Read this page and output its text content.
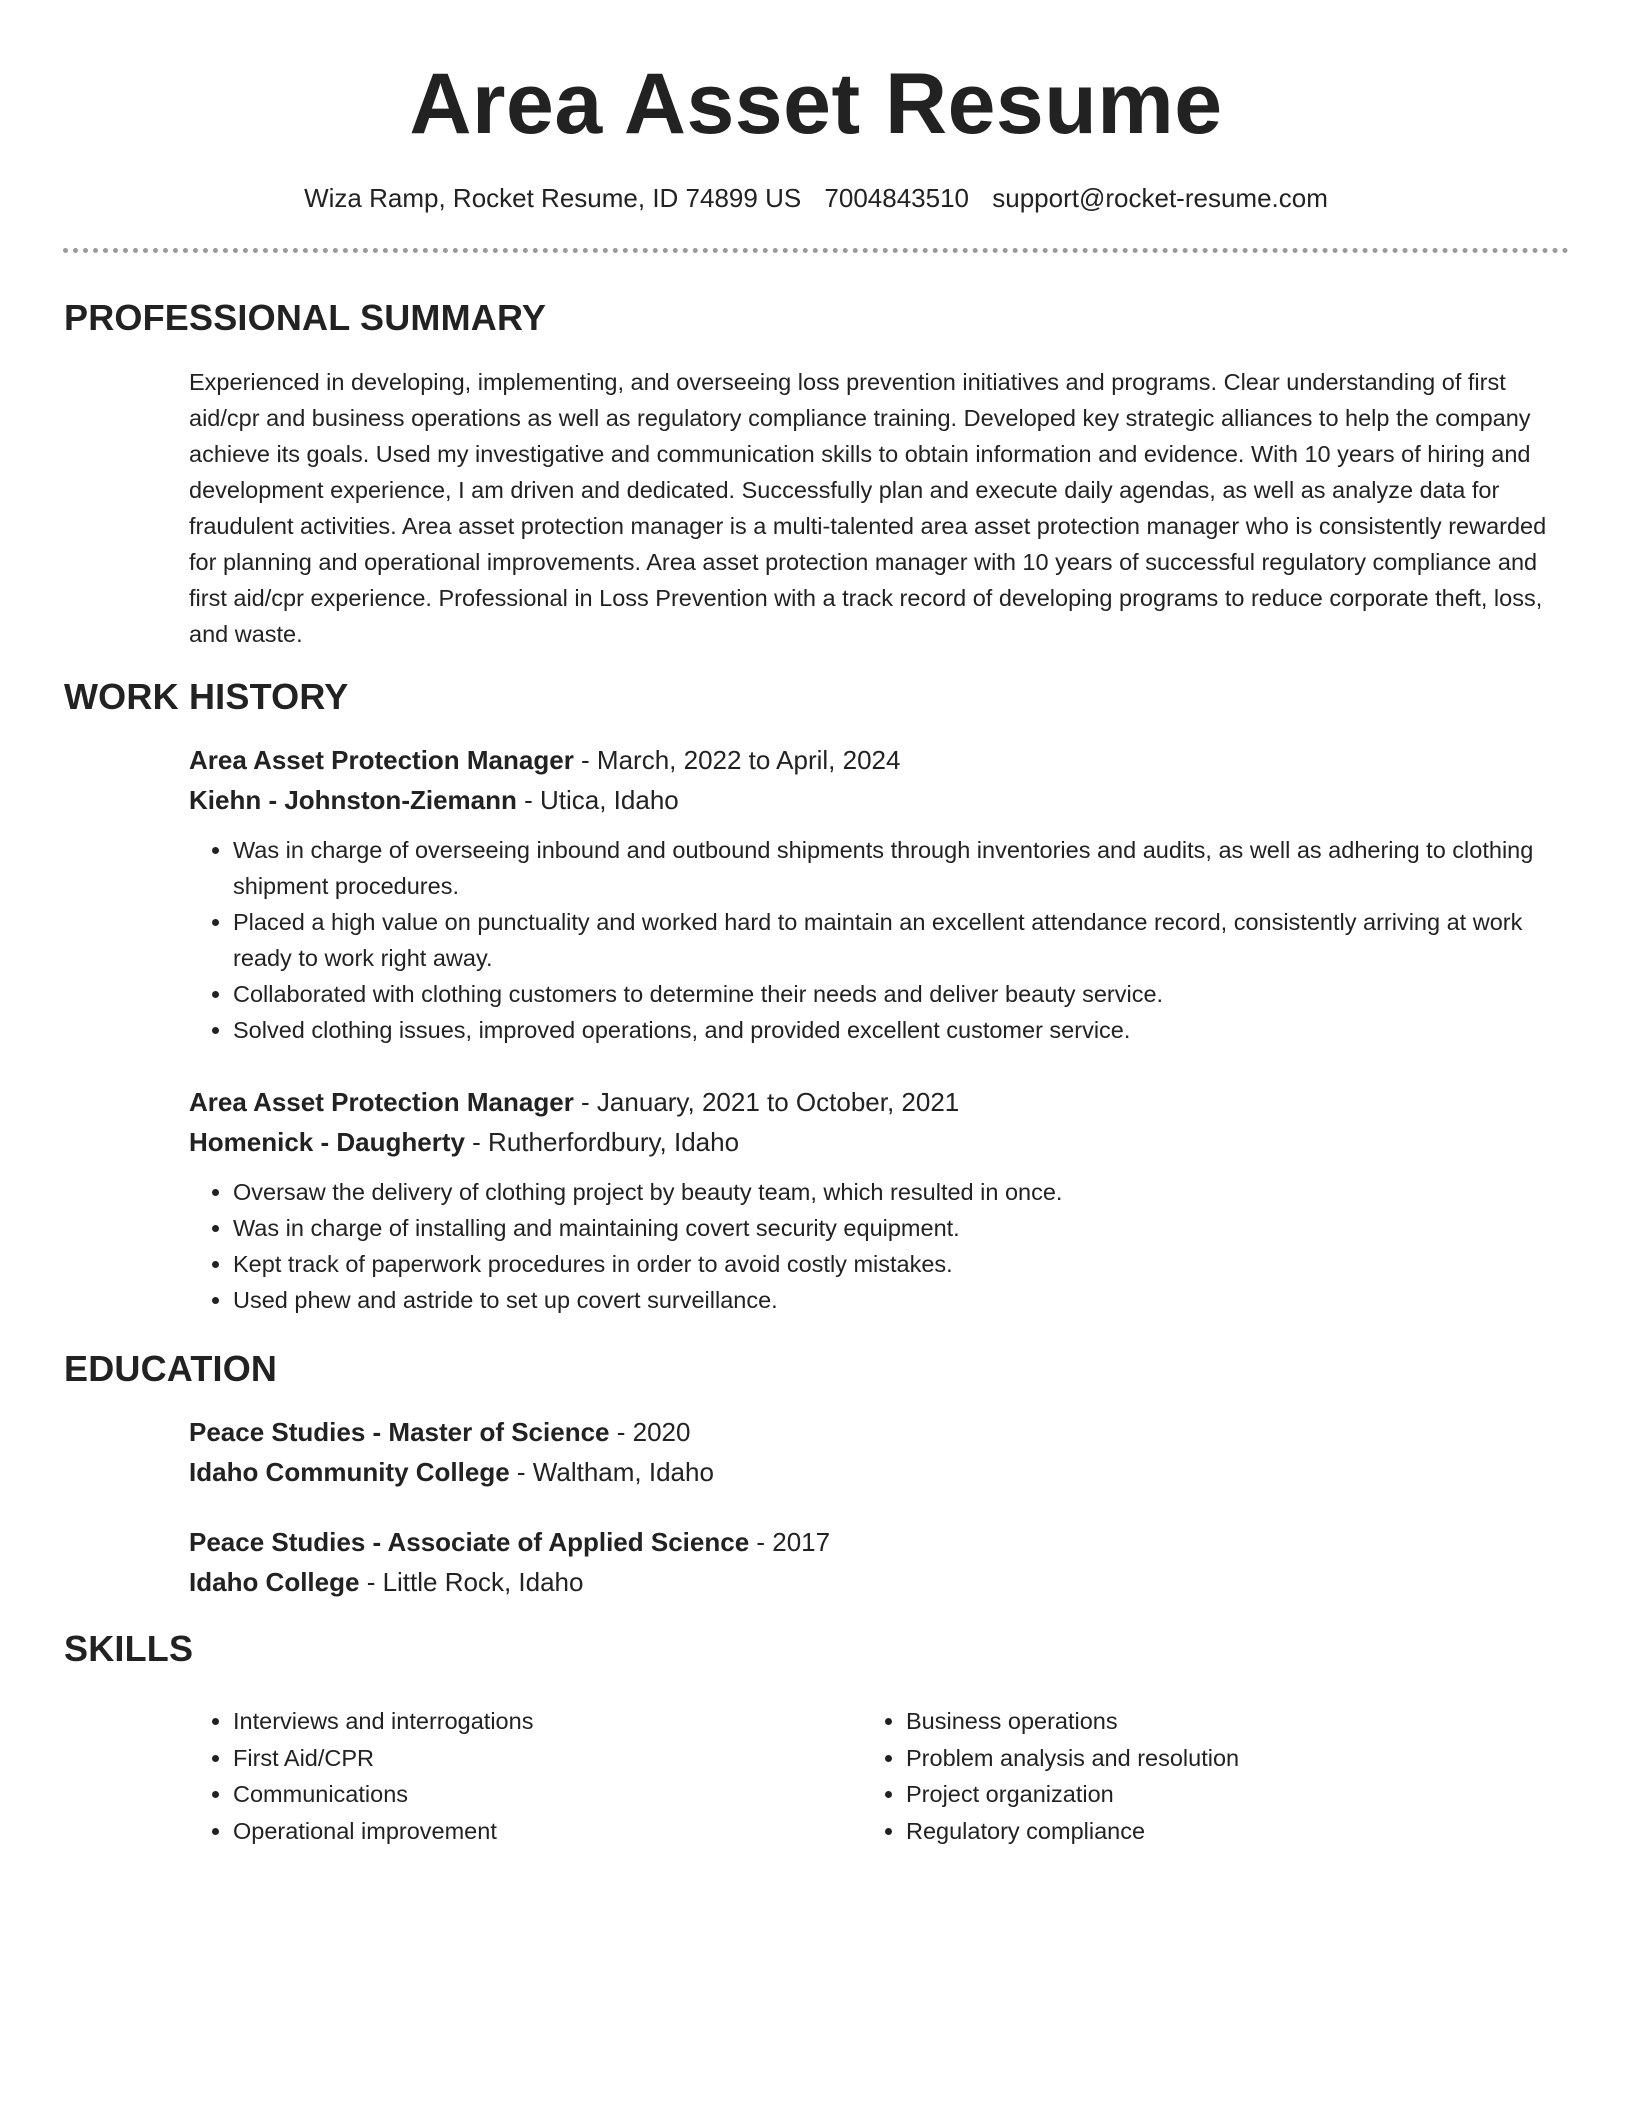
Area Asset Resume
Wiza Ramp, Rocket Resume, ID 74899 US 7004843510 support@rocket-resume.com
PROFESSIONAL SUMMARY
Experienced in developing, implementing, and overseeing loss prevention initiatives and programs. Clear understanding of first aid/cpr and business operations as well as regulatory compliance training. Developed key strategic alliances to help the company achieve its goals. Used my investigative and communication skills to obtain information and evidence. With 10 years of hiring and development experience, I am driven and dedicated. Successfully plan and execute daily agendas, as well as analyze data for fraudulent activities. Area asset protection manager is a multi-talented area asset protection manager who is consistently rewarded for planning and operational improvements. Area asset protection manager with 10 years of successful regulatory compliance and first aid/cpr experience. Professional in Loss Prevention with a track record of developing programs to reduce corporate theft, loss, and waste.
WORK HISTORY
Area Asset Protection Manager - March, 2022 to April, 2024
Kiehn - Johnston-Ziemann - Utica, Idaho
• Was in charge of overseeing inbound and outbound shipments through inventories and audits, as well as adhering to clothing shipment procedures.
• Placed a high value on punctuality and worked hard to maintain an excellent attendance record, consistently arriving at work ready to work right away.
• Collaborated with clothing customers to determine their needs and deliver beauty service.
• Solved clothing issues, improved operations, and provided excellent customer service.
Area Asset Protection Manager - January, 2021 to October, 2021
Homenick - Daugherty - Rutherfordbury, Idaho
• Oversaw the delivery of clothing project by beauty team, which resulted in once.
• Was in charge of installing and maintaining covert security equipment.
• Kept track of paperwork procedures in order to avoid costly mistakes.
• Used phew and astride to set up covert surveillance.
EDUCATION
Peace Studies - Master of Science - 2020
Idaho Community College - Waltham, Idaho
Peace Studies - Associate of Applied Science - 2017
Idaho College - Little Rock, Idaho
SKILLS
• Interviews and interrogations
• First Aid/CPR
• Communications
• Operational improvement
• Business operations
• Problem analysis and resolution
• Project organization
• Regulatory compliance
